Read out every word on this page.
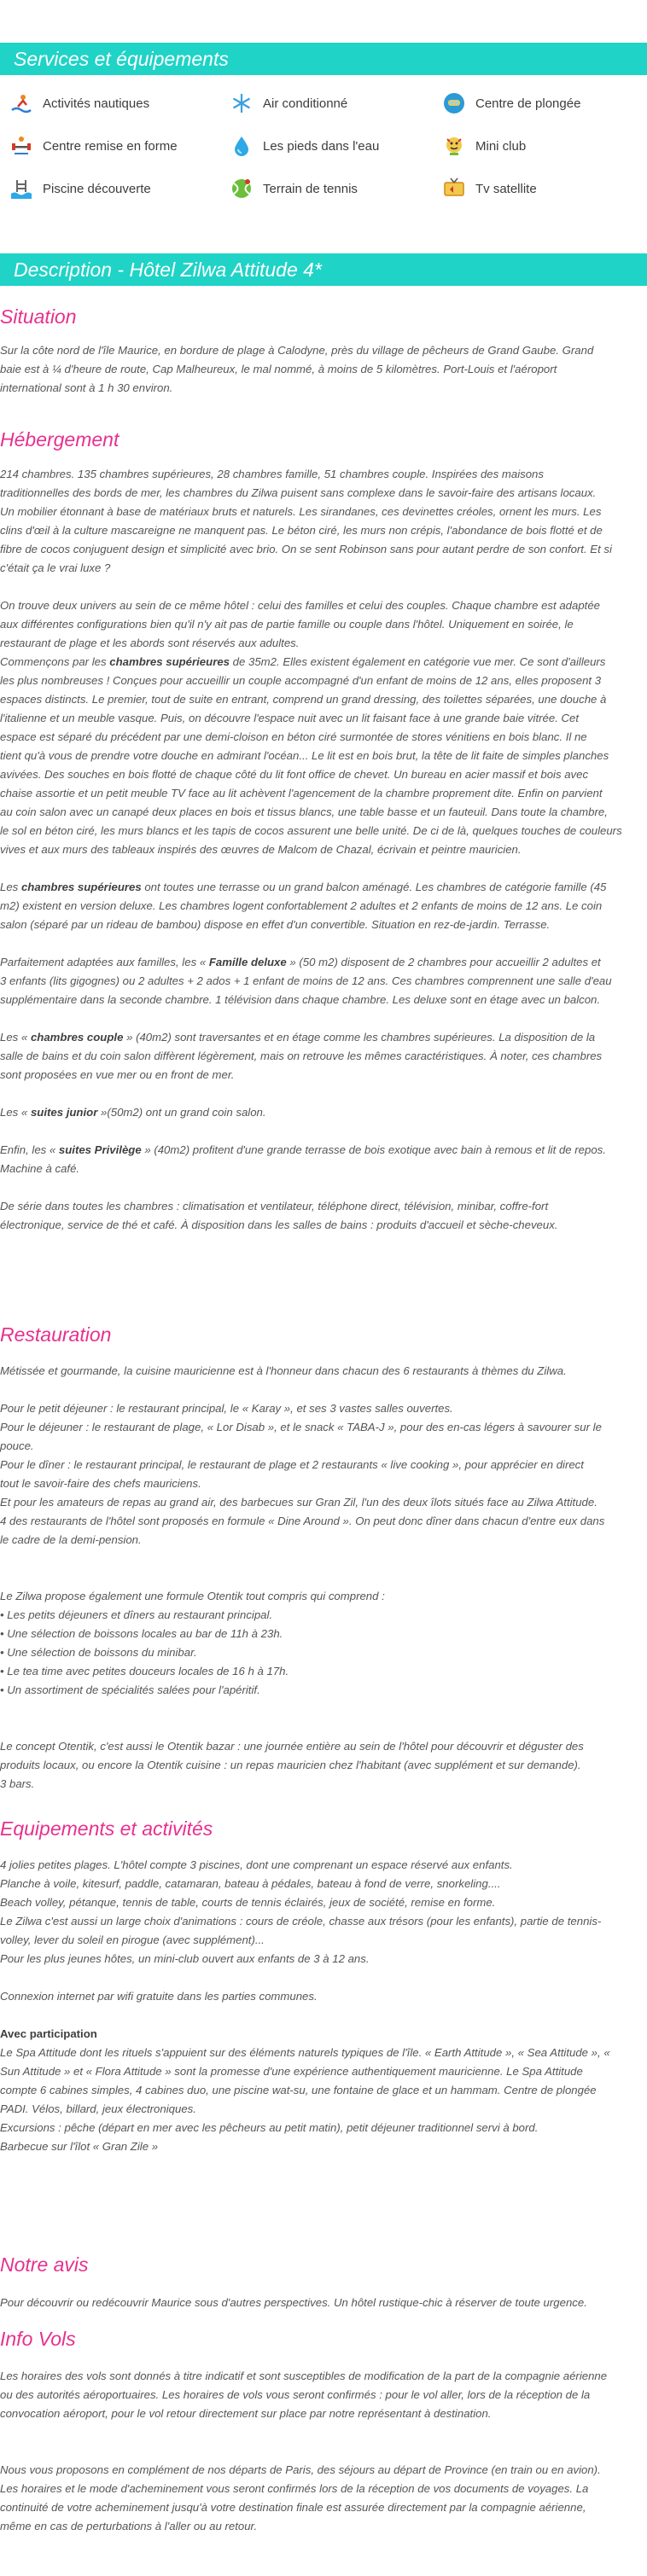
Services et équipements
Activités nautiques	Air conditionné	Centre de plongée
Centre remise en forme	Les pieds dans l'eau	Mini club
Piscine découverte	Terrain de tennis	Tv satellite
Description - Hôtel Zilwa Attitude 4*
Situation
Sur la côte nord de l'île Maurice, en bordure de plage à Calodyne, près du village de pêcheurs de Grand Gaube. Grand
baie est à ¼ d'heure de route, Cap Malheureux, le mal nommé, à moins de 5 kilomètres. Port-Louis et l'aéroport
international sont à 1 h 30 environ.
Hébergement
214 chambres. 135 chambres supérieures, 28 chambres famille, 51 chambres couple. Inspirées des maisons
traditionnelles des bords de mer, les chambres du Zilwa puisent sans complexe dans le savoir-faire des artisans locaux.
Un mobilier étonnant à base de matériaux bruts et naturels. Les sirandanes, ces devinettes créoles, ornent les murs. Les
clins d'œil à la culture mascareigne ne manquent pas. Le béton ciré, les murs non crépis, l'abondance de bois flotté et de
fibre de cocos conjuguent design et simplicité avec brio. On se sent Robinson sans pour autant perdre de son confort. Et si
c'était ça le vrai luxe ?
On trouve deux univers au sein de ce même hôtel : celui des familles et celui des couples. Chaque chambre est adaptée
aux différentes configurations bien qu'il n'y ait pas de partie famille ou couple dans l'hôtel. Uniquement en soirée, le
restaurant de plage et les abords sont réservés aux adultes.
Commençons par les chambres supérieures de 35m2. Elles existent également en catégorie vue mer. Ce sont d'ailleurs
les plus nombreuses ! Conçues pour accueillir un couple accompagné d'un enfant de moins de 12 ans, elles proposent 3
espaces distincts. Le premier, tout de suite en entrant, comprend un grand dressing, des toilettes séparées, une douche à
l'italienne et un meuble vasque. Puis, on découvre l'espace nuit avec un lit faisant face à une grande baie vitrée. Cet
espace est séparé du précédent par une demi-cloison en béton ciré surmontée de stores vénitiens en bois blanc. Il ne
tient qu'à vous de prendre votre douche en admirant l'océan... Le lit est en bois brut, la tête de lit faite de simples planches
avivées. Des souches en bois flotté de chaque côté du lit font office de chevet. Un bureau en acier massif et bois avec
chaise assortie et un petit meuble TV face au lit achèvent l'agencement de la chambre proprement dite. Enfin on parvient
au coin salon avec un canapé deux places en bois et tissus blancs, une table basse et un fauteuil. Dans toute la chambre,
le sol en béton ciré, les murs blancs et les tapis de cocos assurent une belle unité. De ci de là, quelques touches de couleurs
vives et aux murs des tableaux inspirés des œuvres de Malcom de Chazal, écrivain et peintre mauricien.
Les chambres supérieures ont toutes une terrasse ou un grand balcon aménagé. Les chambres de catégorie famille (45
m2) existent en version deluxe. Les chambres logent confortablement 2 adultes et 2 enfants de moins de 12 ans. Le coin
salon (séparé par un rideau de bambou) dispose en effet d'un convertible. Situation en rez-de-jardin. Terrasse.
Parfaitement adaptées aux familles, les « Famille deluxe » (50 m2) disposent de 2 chambres pour accueillir 2 adultes et
3 enfants (lits gigognes) ou 2 adultes + 2 ados + 1 enfant de moins de 12 ans. Ces chambres comprennent une salle d'eau
supplémentaire dans la seconde chambre. 1 télévision dans chaque chambre. Les deluxe sont en étage avec un balcon.
Les « chambres couple » (40m2) sont traversantes et en étage comme les chambres supérieures. La disposition de la
salle de bains et du coin salon diffèrent légèrement, mais on retrouve les mêmes caractéristiques. À noter, ces chambres
sont proposées en vue mer ou en front de mer.
Les « suites junior »(50m2) ont un grand coin salon.
Enfin, les « suites Privilège » (40m2) profitent d'une grande terrasse de bois exotique avec bain à remous et lit de repos.
Machine à café.
De série dans toutes les chambres : climatisation et ventilateur, téléphone direct, télévision, minibar, coffre-fort
électronique, service de thé et café. À disposition dans les salles de bains : produits d'accueil et sèche-cheveux.
Restauration
Métissée et gourmande, la cuisine mauricienne est à l'honneur dans chacun des 6 restaurants à thèmes du Zilwa.
Pour le petit déjeuner : le restaurant principal, le « Karay », et ses 3 vastes salles ouvertes.
Pour le déjeuner : le restaurant de plage, « Lor Disab », et le snack « TABA-J », pour des en-cas légers à savourer sur le
pouce.
Pour le dîner : le restaurant principal, le restaurant de plage et 2 restaurants « live cooking », pour apprécier en direct
tout le savoir-faire des chefs mauriciens.
Et pour les amateurs de repas au grand air, des barbecues sur Gran Zil, l'un des deux îlots situés face au Zilwa Attitude.
4 des restaurants de l'hôtel sont proposés en formule « Dine Around ». On peut donc dîner dans chacun d'entre eux dans
le cadre de la demi-pension.
Le Zilwa propose également une formule Otentik tout compris qui comprend :
• Les petits déjeuners et dîners au restaurant principal.
• Une sélection de boissons locales au bar de 11h à 23h.
• Une sélection de boissons du minibar.
• Le tea time avec petites douceurs locales de 16 h à 17h.
• Un assortiment de spécialités salées pour l'apéritif.
Le concept Otentik, c'est aussi le Otentik bazar : une journée entière au sein de l'hôtel pour découvrir et déguster des
produits locaux, ou encore la Otentik cuisine : un repas mauricien chez l'habitant (avec supplément et sur demande).
3 bars.
Equipements et activités
4 jolies petites plages. L'hôtel compte 3 piscines, dont une comprenant un espace réservé aux enfants.
Planche à voile, kitesurf, paddle, catamaran, bateau à pédales, bateau à fond de verre, snorkeling....
Beach volley, pétanque, tennis de table, courts de tennis éclairés, jeux de société, remise en forme.
Le Zilwa c'est aussi un large choix d'animations : cours de créole, chasse aux trésors (pour les enfants), partie de tennis-
volley, lever du soleil en pirogue (avec supplément)...
Pour les plus jeunes hôtes, un mini-club ouvert aux enfants de 3 à 12 ans.
Connexion internet par wifi gratuite dans les parties communes.
Avec participation
Le Spa Attitude dont les rituels s'appuient sur des éléments naturels typiques de l'île. « Earth Attitude », « Sea Attitude », «
Sun Attitude » et « Flora Attitude » sont la promesse d'une expérience authentiquement mauricienne. Le Spa Attitude
compte 6 cabines simples, 4 cabines duo, une piscine wat-su, une fontaine de glace et un hammam. Centre de plongée
PADI. Vélos, billard, jeux électroniques.
Excursions : pêche (départ en mer avec les pêcheurs au petit matin), petit déjeuner traditionnel servi à bord.
Barbecue sur l'îlot « Gran Zile »
Notre avis
Pour découvrir ou redécouvrir Maurice sous d'autres perspectives. Un hôtel rustique-chic à réserver de toute urgence.
Info Vols
Les horaires des vols sont donnés à titre indicatif et sont susceptibles de modification de la part de la compagnie aérienne
ou des autorités aéroportuaires. Les horaires de vols vous seront confirmés : pour le vol aller, lors de la réception de la
convocation aéroport, pour le vol retour directement sur place par notre représentant à destination.
Nous vous proposons en complément de nos départs de Paris, des séjours au départ de Province (en train ou en avion).
Les horaires et le mode d'acheminement vous seront confirmés lors de la réception de vos documents de voyages. La
continuité de votre acheminement jusqu'à votre destination finale est assurée directement par la compagnie aérienne,
même en cas de perturbations à l'aller ou au retour.
